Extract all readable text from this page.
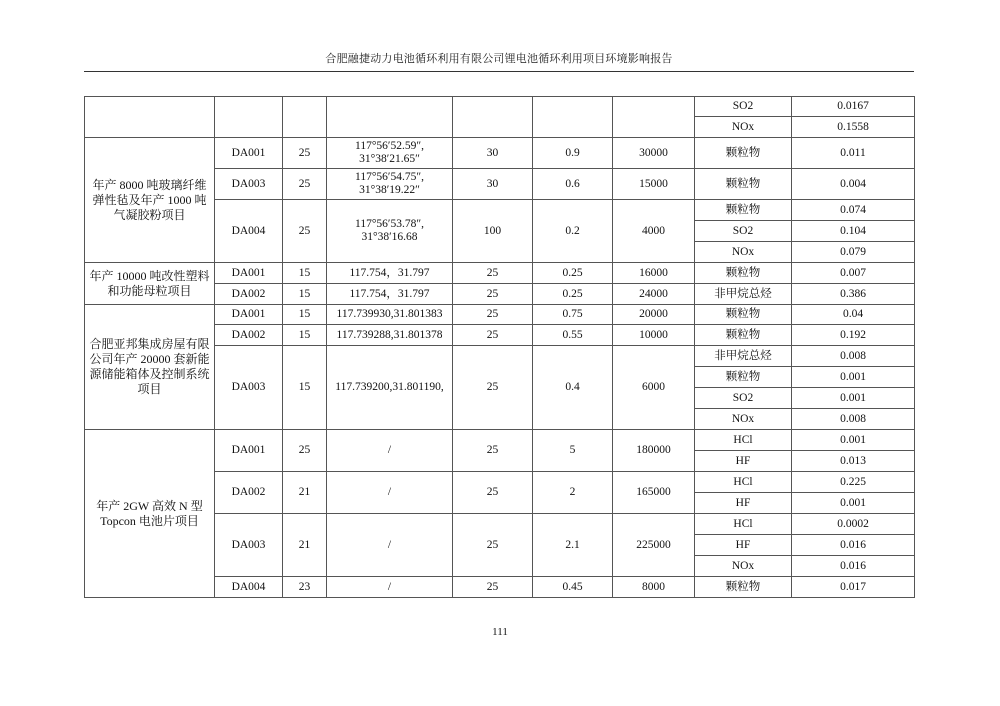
合肥融捷动力电池循环利用有限公司锂电池循环利用项目环境影响报告
							SO2	0.0167
							NOx	0.1558
年产 8000 吨玻璃纤维弹性毡及年产 1000 吨气凝胶粉项目	DA001	25	117°56′52.59″, 31°38′21.65″	30	0.9	30000	颗粒物	0.011
	DA003	25	117°56′54.75″, 31°38′19.22″	30	0.6	15000	颗粒物	0.004
	DA004	25	117°56′53.78″, 31°38′16.68	100	0.2	4000	颗粒物	0.074
							SO2	0.104
							NOx	0.079
年产 10000 吨改性塑料和功能母粒项目	DA001	15	117.754，31.797	25	0.25	16000	颗粒物	0.007
	DA002	15	117.754，31.797	25	0.25	24000	非甲烷总烃	0.386
合肥亚邦集成房屋有限公司年产 20000 套新能源储能箱体及控制系统项目	DA001	15	117.739930,31.801383	25	0.75	20000	颗粒物	0.04
	DA002	15	117.739288,31.801378	25	0.55	10000	颗粒物	0.192
	DA003	15	117.739200,31.801190,	25	0.4	6000	非甲烷总烃	0.008
							颗粒物	0.001
							SO2	0.001
							NOx	0.008
年产 2GW 高效 N 型 Topcon 电池片项目	DA001	25	/	25	5	180000	HCl	0.001
							HF	0.013
	DA002	21	/	25	2	165000	HCl	0.225
							HF	0.001
	DA003	21	/	25	2.1	225000	HCl	0.0002
							HF	0.016
							NOx	0.016
	DA004	23	/	25	0.45	8000	颗粒物	0.017
111
